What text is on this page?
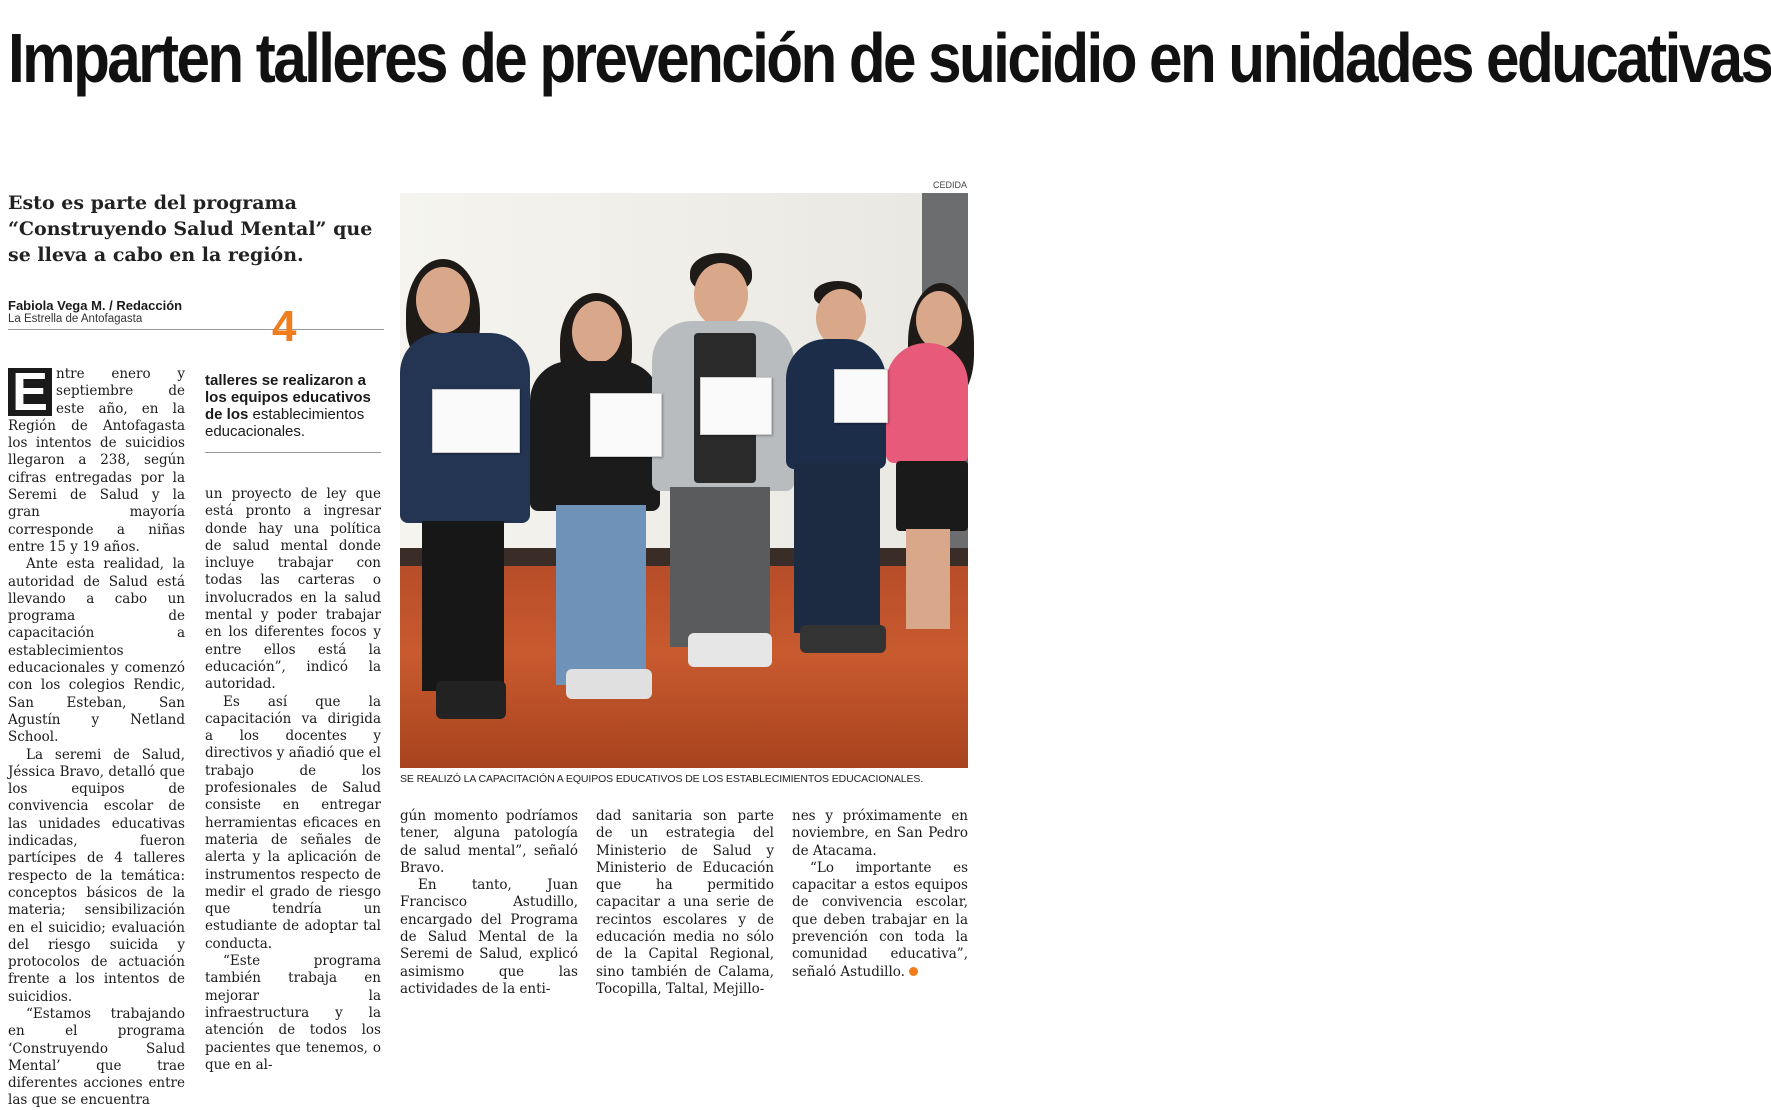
Imparten talleres de prevención de suicidio en unidades educativas
Esto es parte del programa “Construyendo Salud Mental” que se lleva a cabo en la región.
Fabiola Vega M. / Redacción
La Estrella de Antofagasta
CEDIDA
SE REALIZÓ LA CAPACITACIÓN A EQUIPOS EDUCATIVOS DE LOS ESTABLECIMIENTOS EDUCACIONALES.
4
talleres se realizaron a los equipos educativos de los establecimientos educacionales.

E ntre enero y septiembre de este año, en la Región de Antofagasta los intentos de suicidios llegaron a 238, según cifras entregadas por la Seremi de Salud y la gran mayoría corresponde a niñas entre 15 y 19 años.

Ante esta realidad, la autoridad de Salud está llevando a cabo un programa de capacitación a establecimientos educacionales y comenzó con los colegios Rendic, San Esteban, San Agustín y Netland School.

La seremi de Salud, Jéssica Bravo, detalló que los equipos de convivencia escolar de las unidades educativas indicadas, fueron partícipes de 4 talleres respecto de la temática: conceptos básicos de la materia; sensibilización en el suicidio; evaluación del riesgo suicida y protocolos de actuación frente a los intentos de suicidios.

“Estamos trabajando en el programa ‘Construyendo Salud Mental’ que trae diferentes acciones entre las que se encuentra

un proyecto de ley que está pronto a ingresar donde hay una política de salud mental donde incluye trabajar con todas las carteras o involucrados en la salud mental y poder trabajar en los diferentes focos y entre ellos está la educación”, indicó la autoridad.

Es así que la capacitación va dirigida a los docentes y directivos y añadió que el trabajo de los profesionales de Salud consiste en entregar herramientas eficaces en materia de señales de alerta y la aplicación de instrumentos respecto de medir el grado de riesgo que tendría un estudiante de adoptar tal conducta.

“Este programa también trabaja en mejorar la infraestructura y la atención de todos los pacientes que tenemos, o que en al-

gún momento podríamos tener, alguna patología de salud mental”, señaló Bravo.

En tanto, Juan Francisco Astudillo, encargado del Programa de Salud Mental de la Seremi de Salud, explicó asimismo que las actividades de la enti-

dad sanitaria son parte de un estrategia del Ministerio de Salud y Ministerio de Educación que ha permitido capacitar a una serie de recintos escolares y de educación media no sólo de la Capital Regional, sino también de Calama, Tocopilla, Taltal, Mejillo-

nes y próximamente en noviembre, en San Pedro de Atacama.

“Lo importante es capacitar a estos equipos de convivencia escolar, que deben trabajar en la prevención con toda la comunidad educativa”, señaló Astudillo.
